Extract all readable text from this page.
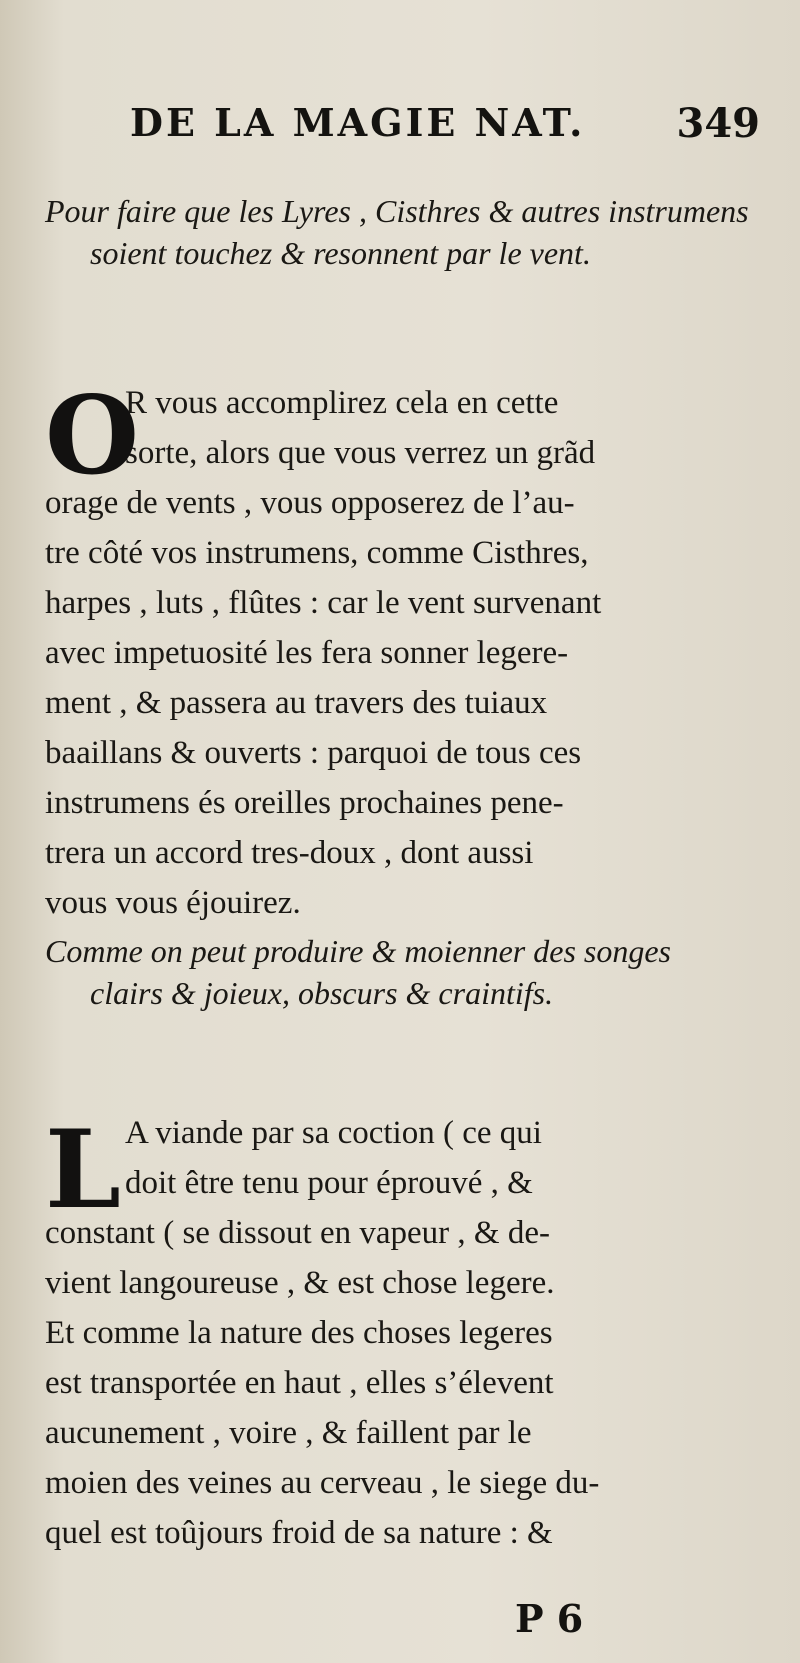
DE LA MAGIE NAT. 349
Pour faire que les Lyres , Cisthres & autres instrumens soient touchez & resonnent par le vent.
O
R vous accomplirez cela en cette
sorte, alors que vous verrez un grãd
orage de vents , vous opposerez de l’au-
tre côté vos instrumens, comme Cisthres,
harpes , luts , flûtes : car le vent survenant
avec impetuosité les fera sonner legere-
ment , & passera au travers des tuiaux
baaillans & ouverts : parquoi de tous ces
instrumens és oreilles prochaines pene-
trera un accord tres-doux , dont aussi
vous vous éjouirez.
Comme on peut produire & moienner des songes clairs & joieux, obscurs & craintifs.
L A viande par sa coction ( ce qui
doit être tenu pour éprouvé , &
constant ( se dissout en vapeur , & de-
vient langoureuse , & est chose legere.
Et comme la nature des choses legeres
est transportée en haut , elles s’élevent
aucunement , voire , & faillent par le
moien des veines au cerveau , le siege du-
quel est toûjours froid de sa nature : &
P 6
